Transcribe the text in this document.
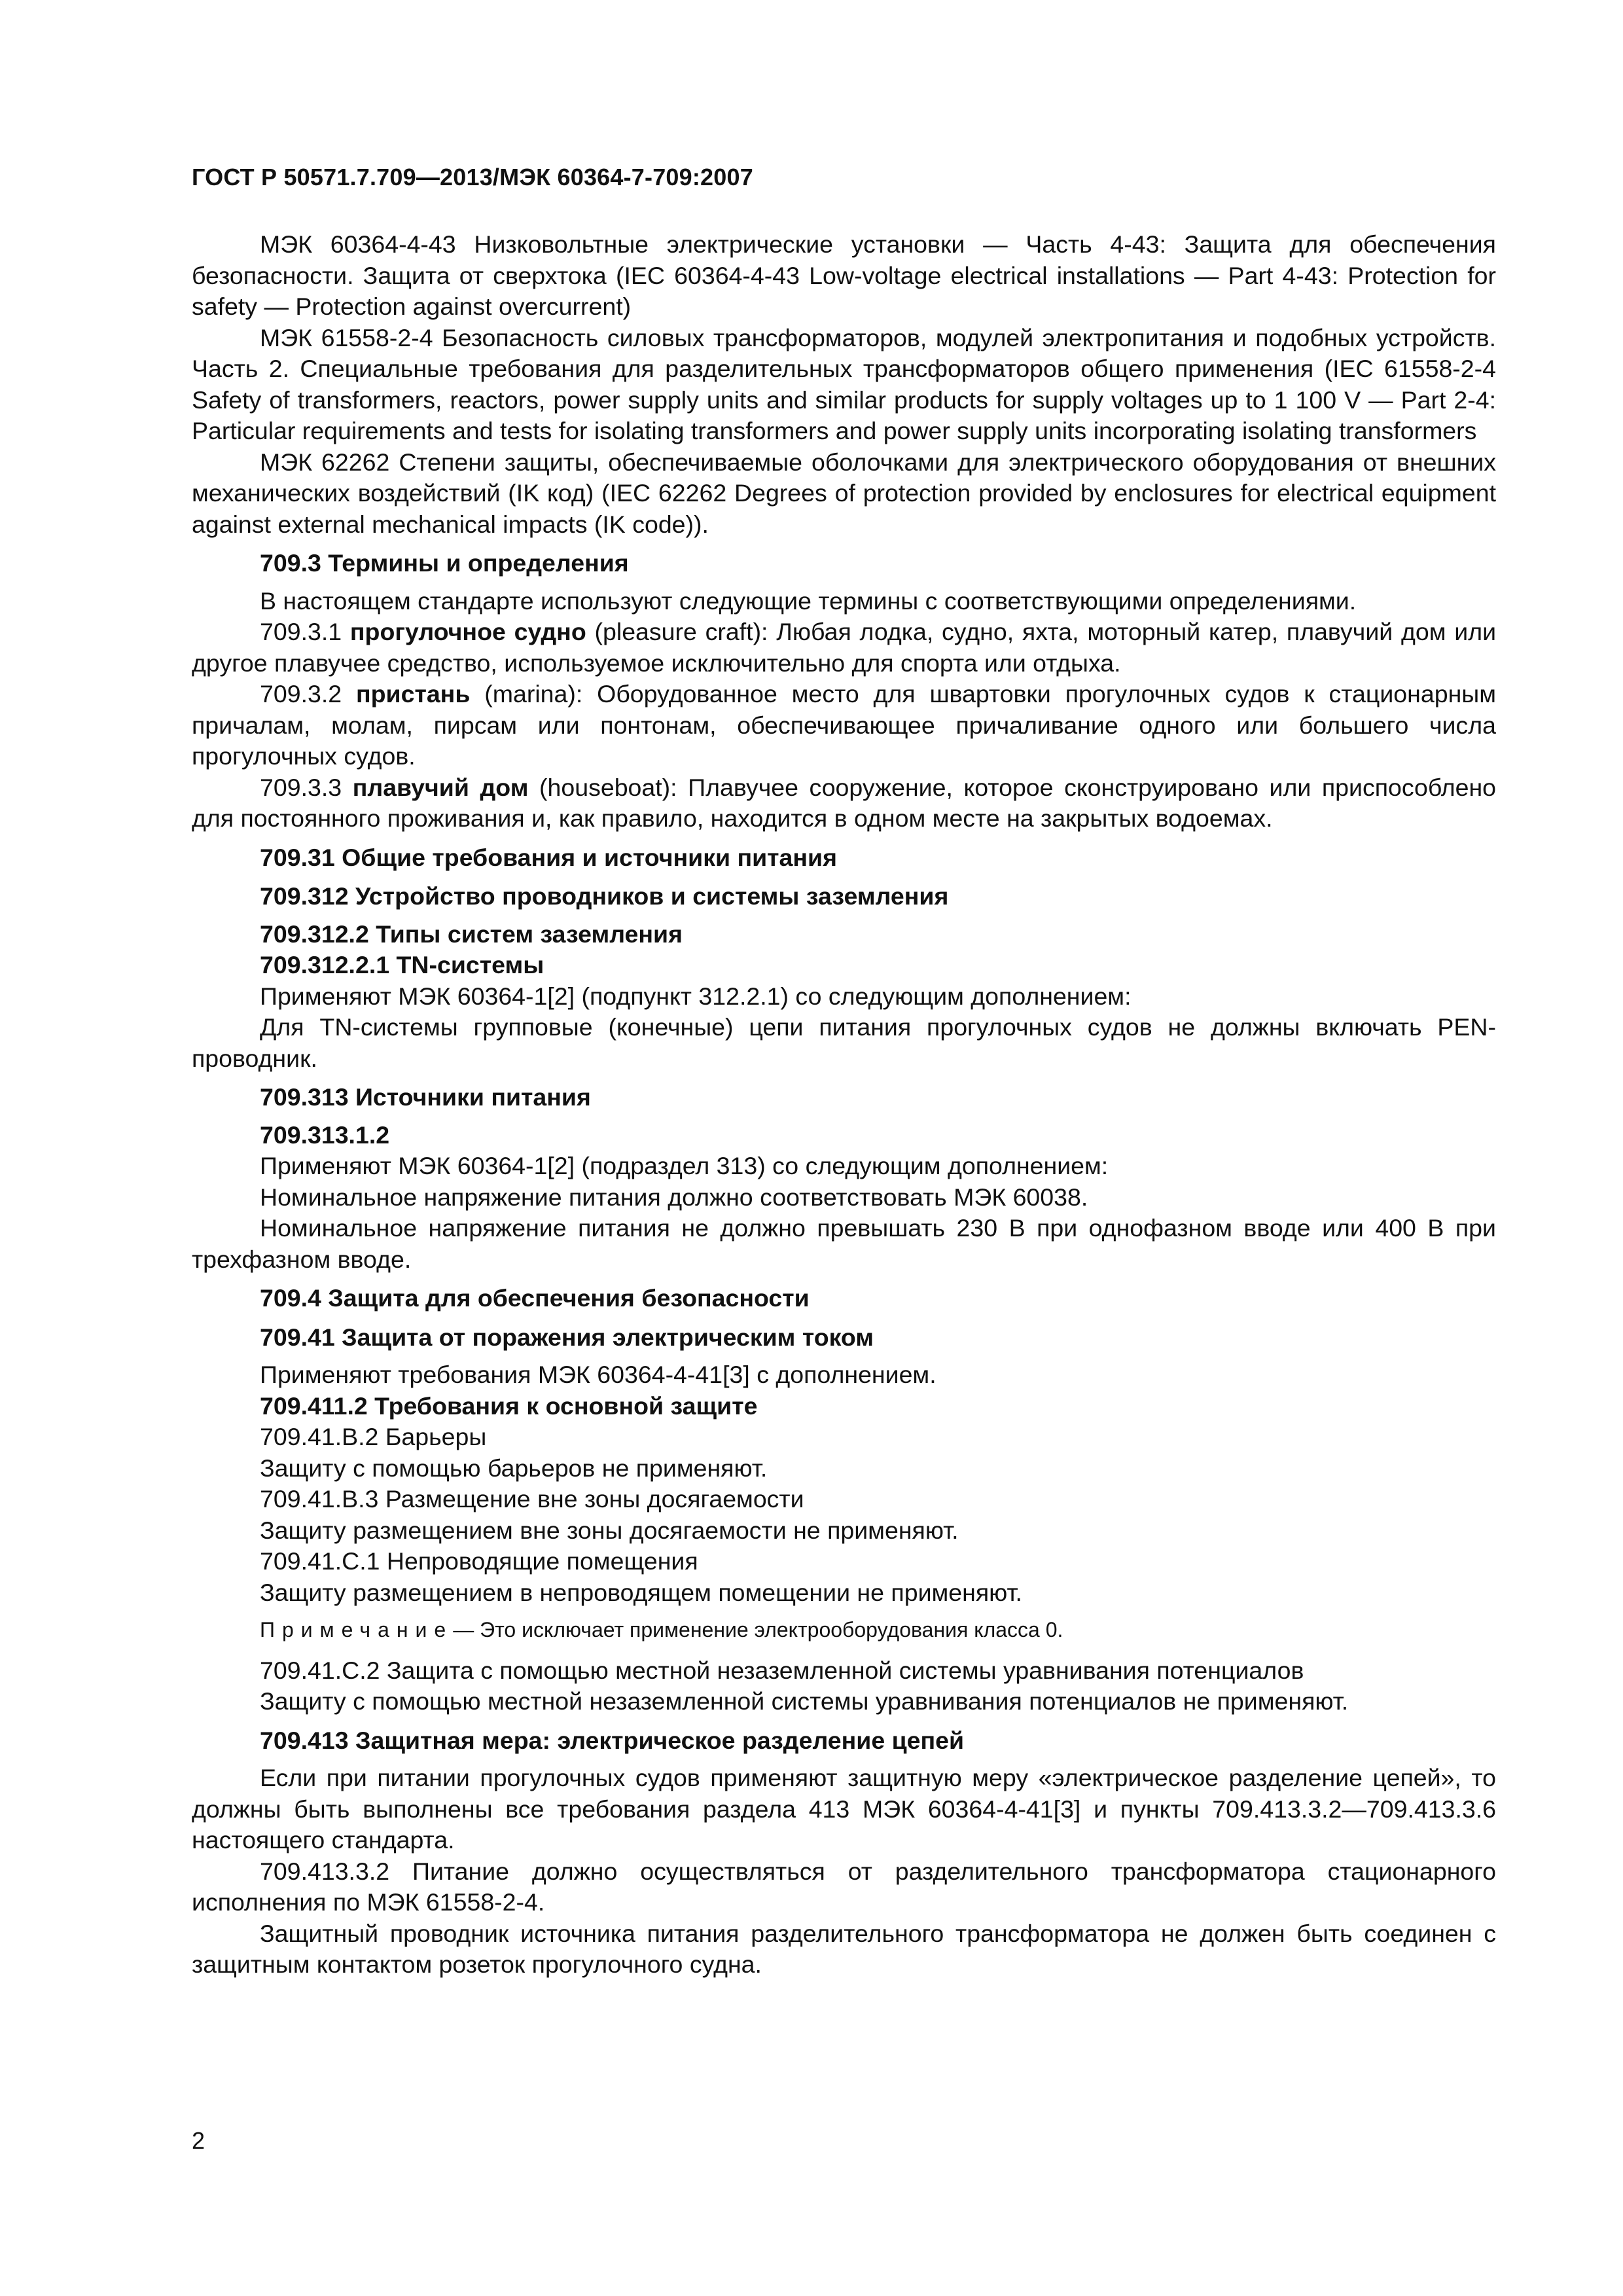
ГОСТ Р 50571.7.709—2013/МЭК 60364-7-709:2007

МЭК 60364-4-43 Низковольтные электрические установки — Часть 4-43: Защита для обеспечения безопасности. Защита от сверхтока (IEC 60364-4-43 Low-voltage electrical installations — Part 4-43: Protection for safety — Protection against overcurrent)

МЭК 61558-2-4 Безопасность силовых трансформаторов, модулей электропитания и подобных устройств. Часть 2. Специальные требования для разделительных трансформаторов общего применения (IEC 61558-2-4 Safety of transformers, reactors, power supply units and similar products for supply voltages up to 1 100 V — Part 2-4: Particular requirements and tests for isolating transformers and power supply units incorporating isolating transformers

МЭК 62262 Степени защиты, обеспечиваемые оболочками для электрического оборудования от внешних механических воздействий (IK код) (IEC 62262 Degrees of protection provided by enclosures for electrical equipment against external mechanical impacts (IK code)).

709.3 Термины и определения

В настоящем стандарте используют следующие термины с соответствующими определениями.

709.3.1 прогулочное судно (pleasure craft): Любая лодка, судно, яхта, моторный катер, плавучий дом или другое плавучее средство, используемое исключительно для спорта или отдыха.

709.3.2 пристань (marina): Оборудованное место для швартовки прогулочных судов к стационарным причалам, молам, пирсам или понтонам, обеспечивающее причаливание одного или большего числа прогулочных судов.

709.3.3 плавучий дом (houseboat): Плавучее сооружение, которое сконструировано или приспособлено для постоянного проживания и, как правило, находится в одном месте на закрытых водоемах.

709.31 Общие требования и источники питания

709.312 Устройство проводников и системы заземления

709.312.2 Типы систем заземления

709.312.2.1 TN-системы

Применяют МЭК 60364-1[2] (подпункт 312.2.1) со следующим дополнением:

Для TN-системы групповые (конечные) цепи питания прогулочных судов не должны включать PEN-проводник.

709.313 Источники питания

709.313.1.2

Применяют МЭК 60364-1[2] (подраздел 313) со следующим дополнением:

Номинальное напряжение питания должно соответствовать МЭК 60038.

Номинальное напряжение питания не должно превышать 230 В при однофазном вводе или 400 В при трехфазном вводе.

709.4 Защита для обеспечения безопасности

709.41 Защита от поражения электрическим током

Применяют требования МЭК 60364-4-41[3] с дополнением.

709.411.2 Требования к основной защите

709.41.B.2 Барьеры

Защиту с помощью барьеров не применяют.

709.41.B.3 Размещение вне зоны досягаемости

Защиту размещением вне зоны досягаемости не применяют.

709.41.C.1 Непроводящие помещения

Защиту размещением в непроводящем помещении не применяют.

Примечание— Это исключает применение электрооборудования класса 0.

709.41.C.2 Защита с помощью местной незаземленной системы уравнивания потенциалов

Защиту с помощью местной незаземленной системы уравнивания потенциалов не применяют.

709.413 Защитная мера: электрическое разделение цепей

Если при питании прогулочных судов применяют защитную меру «электрическое разделение цепей», то должны быть выполнены все требования раздела 413 МЭК 60364-4-41[3] и пункты 709.413.3.2—709.413.3.6 настоящего стандарта.

709.413.3.2 Питание должно осуществляться от разделительного трансформатора стационарного исполнения по МЭК 61558-2-4.

Защитный проводник источника питания разделительного трансформатора не должен быть соединен с защитным контактом розеток прогулочного судна.

2
